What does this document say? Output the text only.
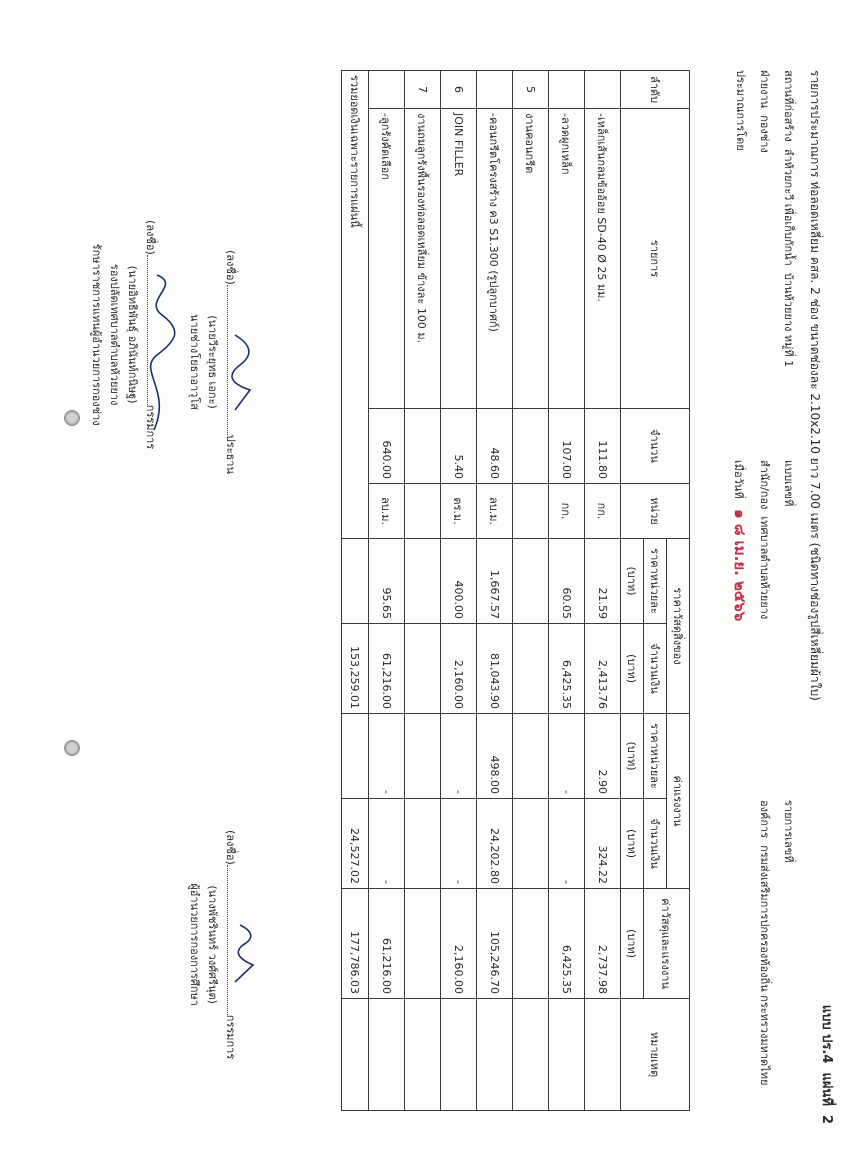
แบบ ปร.4  แผ่นที่  2
รายการประมาณการ ท่อลอดเหลี่ยม คสล. 2 ช่อง ขนาดช่องละ 2.10x2.10 ยาว 7.00 เมตร (ชนิดทางช่องรูปสี่เหลี่ยมผ้าใบ)
สถานที่ก่อสร้าง  ลำห้วยกะวี เพื่อเก็บกักน้ำ  บ้านห้วยยาง หมู่ที่ 1
แบบเลขที่
รายการเลขที่
ฝ่ายงาน  กองช่าง
สำนัก/กอง  เทศบาลตำบลห้วยยาง
องค์การ  กรมส่งเสริมการปกครองท้องถิ่น กระทรวงมหาดไทย
ประมาณการโดย
เมื่อวันที่   ๑ ๘ เม.ย. ๒๕๖๖
ลำดับ	รายการ	จำนวน	หน่วย	ราคาวัสดุสิ่งของ		ค่าแรงงาน		ค่าวัสดุและแรงงาน	หมายเหตุ
				ราคาหน่วยละ	จำนวนเงิน	ราคาหน่วยละ	จำนวนเงิน		
				(บาท)	(บาท)	(บาท)	(บาท)	(บาท)	
	-เหล็กเส้นกลมข้ออ้อย SD-40 Ø 25 มม.	111.80	กก.	21.59	2,413.76	2.90	324.22	2,737.98	
	-ลวดผูกเหล็ก	107.00	กก.	60.05	6,425.35	-	-	6,425.35	
5	งานคอนกรีต								
	-คอนกรีตโครงสร้าง ค3 S1.300 (รูปลูกบาศก์)	48.60	ลบ.ม.	1,667.57	81,043.90	498.00	24,202.80	105,246.70	
6	JOIN FILLER	5.40	ตร.ม.	400.00	2,160.00	-	-	2,160.00	
7	งานถมลูกรังพื้นรองท่อลอดเหลี่ยม ข้างละ 100 ม.								
	-ลูกรังคัดเลือก	640.00	ลบ.ม.	95.65	61,216.00	-	-	61,216.00	
รวมยอดเงินเฉพาะรายการแผ่นนี้					153,259.01		24,527.02	177,786.03	
(ลงชื่อ)ประธาน
(นายวีระยุทธ เอกะ)
นายช่างโยธาอาวุโส
(ลงชื่อ)กรรมการ
(นายอิทธิพันธุ์ อภินันท์กนิษฐ)
รองปลัดเทศบาลตำบลห้วยยาง
รักษาราชการแทนผู้อำนวยการกองช่าง
(ลงชื่อ)กรรมการ
(นางพัชรินทร์ วงศ์ศรีนุต)
ผู้อำนวยการกองการศึกษา
